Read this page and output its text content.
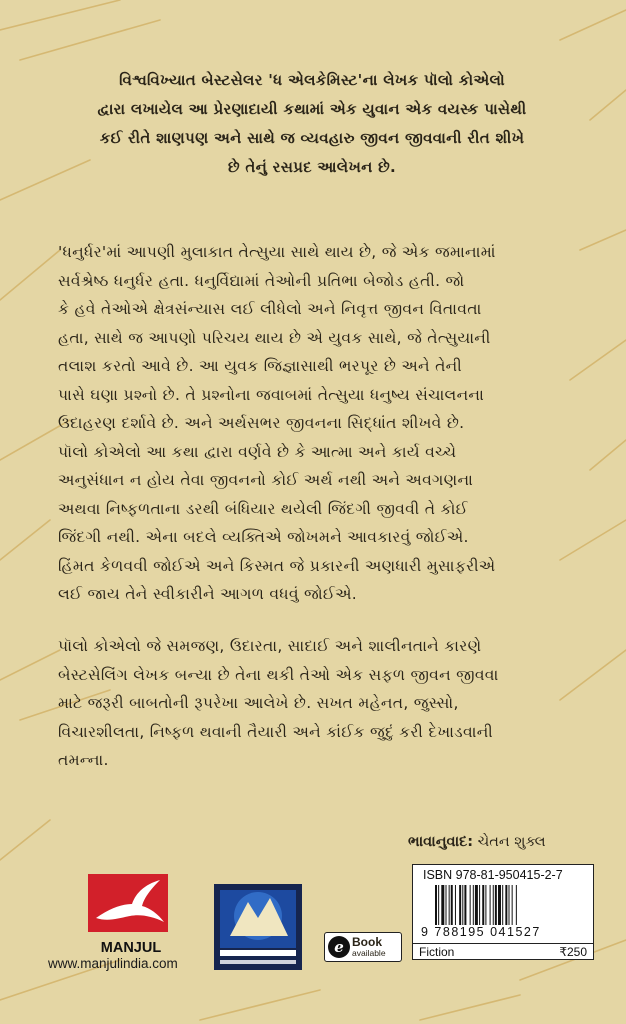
વિશ્વવિખ્યાત બેસ્ટસેલર 'ધ એલકેમિસ્ટ'ના લેખક પૉલો કોએલો
દ્વારા લખાયેલ આ પ્રેરણાદાયી કથામાં એક યુવાન એક વયસ્ક પાસેથી
કઈ રીતે શાણપણ અને સાથે જ વ્યવહારુ જીવન જીવવાની રીત શીખે
છે તેનું રસપ્રદ આલેખન છે.
'ધનુર્ધર'માં આપણી મુલાકાત તેત્સુયા સાથે થાય છે, જે એક જમાનામાં
સર્વશ્રેષ્ઠ ધનુર્ધર હતા. ધનુર્વિદ્યામાં તેઓની પ્રતિભા બેજોડ હતી. જો
કે હવે તેઓએ ક્ષેત્રસંન્યાસ લઈ લીધેલો અને નિવૃત્ત જીવન વિતાવતા
હતા, સાથે જ આપણો પરિચય થાય છે એ યુવક સાથે, જે તેત્સુયાની
તલાશ કરતો આવે છે. આ યુવક જિજ્ઞાસાથી ભરપૂર છે અને તેની
પાસે ઘણા પ્રશ્નો છે. તે પ્રશ્નોના જવાબમાં તેત્સુયા ધનુષ્ય સંચાલનના
ઉદાહરણ દર્શાવે છે. અને અર્થસભર જીવનના સિદ્ધાંત શીખવે છે.
પૉલો કોએલો આ કથા દ્વારા વર્ણવે છે કે આત્મા અને કાર્ય વચ્ચે
અનુસંધાન ન હોય તેવા જીવનનો કોઈ અર્થ નથી અને અવગણના
અથવા નિષ્ફળતાના ડરથી બંધિયાર થયેલી જિંદગી જીવવી તે કોઈ
જિંદગી નથી. એના બદલે વ્યક્તિએ જોખમને આવકારવું જોઈએ.
હિંમત કેળવવી જોઈએ અને કિસ્મત જે પ્રકારની અણધારી મુસાફરીએ
લઈ જાય તેને સ્વીકારીને આગળ વધવું જોઈએ.
પૉલો કોએલો જે સમજણ, ઉદારતા, સાદાઈ અને શાલીનતાને કારણે
બેસ્ટસેલિંગ લેખક બન્યા છે તેના થકી તેઓ એક સફળ જીવન જીવવા
માટે જરૂરી બાબતોની રૂપરેખા આલેખે છે. સખત મહેનત, જુસ્સો,
વિચારશીલતા, નિષ્ફળ થવાની તૈયારી અને કાંઈક જુદું કરી દેખાડવાની
તમન્ના.
ભાવાનુવાદ: ચેતન શુક્લ
MANJUL
www.manjulindia.com
e Book
available
ISBN 978-81-950415-2-7
9 788195 041527
Fiction	₹250
